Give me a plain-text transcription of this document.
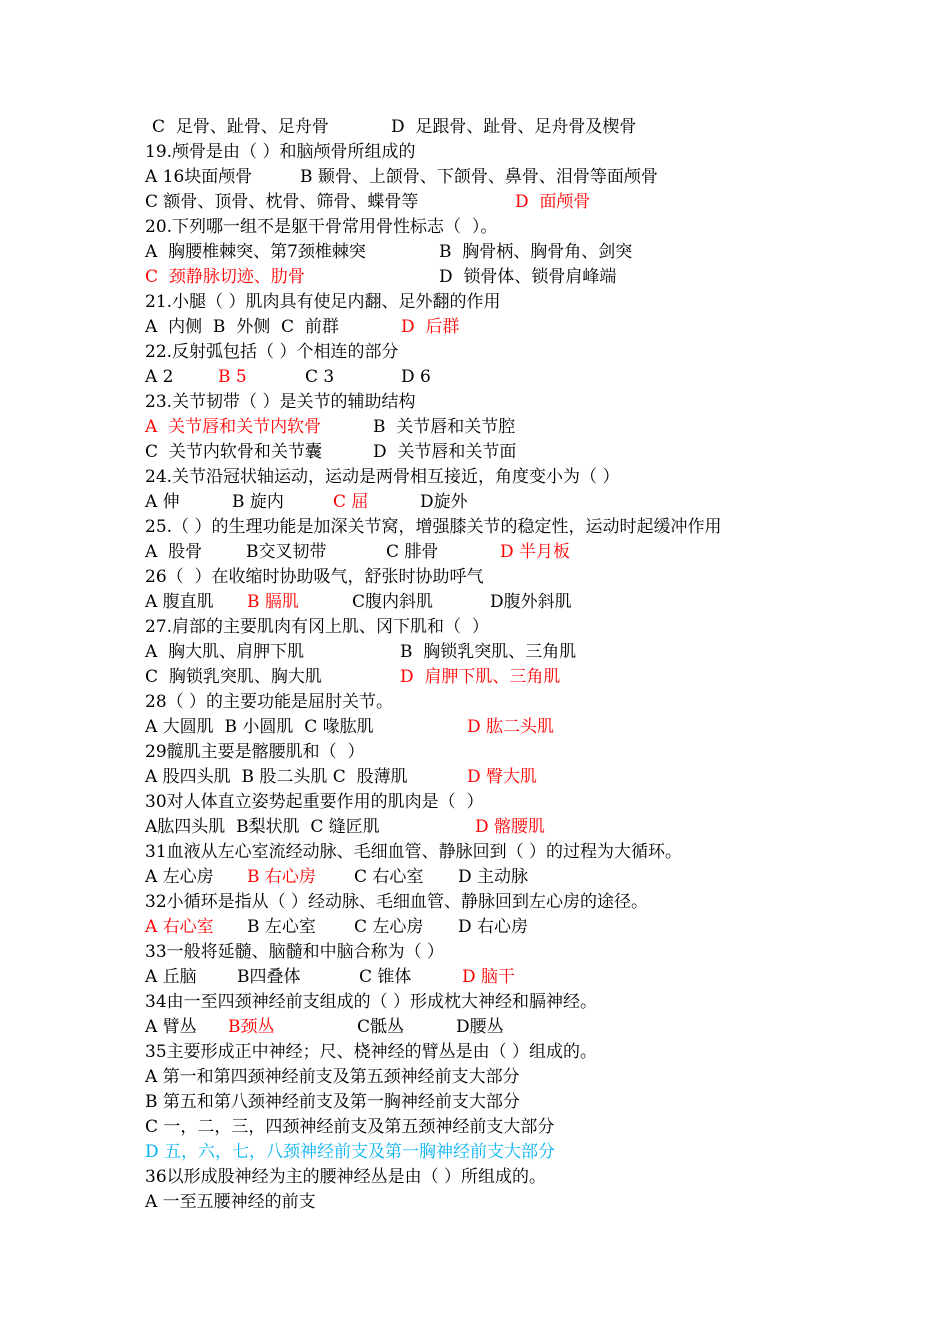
C  足骨、趾骨、足舟骨	D  足跟骨、趾骨、足舟骨及楔骨
19.颅骨是由（ ）和脑颅骨所组成的
A 16块面颅骨	B 颞骨、上颌骨、下颌骨、鼻骨、泪骨等面颅骨
C 额骨、顶骨、枕骨、筛骨、蝶骨等	D  面颅骨
20.下列哪一组不是躯干骨常用骨性标志（  ）。
A  胸腰椎棘突、第7颈椎棘突	B  胸骨柄、胸骨角、剑突
C  颈静脉切迹、肋骨	D  锁骨体、锁骨肩峰端
21.小腿（ ）肌肉具有使足内翻、足外翻的作用
A  内侧  B  外侧  C  前群	D  后群
22.反射弧包括（ ）个相连的部分
A 2	B 5	C 3	D 6
23.关节韧带（ ）是关节的辅助结构
A  关节唇和关节内软骨	B  关节唇和关节腔
C  关节内软骨和关节囊	D  关节唇和关节面
24.关节沿冠状轴运动，运动是两骨相互接近，角度变小为（ ）
A 伸	B 旋内	C 屈	D旋外
25.（ ）的生理功能是加深关节窝，增强膝关节的稳定性，运动时起缓冲作用
A  股骨	B交叉韧带	C 腓骨	D 半月板
26（  ）在收缩时协助吸气，舒张时协助呼气
A 腹直肌 B 膈肌	C腹内斜肌	D腹外斜肌
27.肩部的主要肌肉有冈上肌、冈下肌和（  ）
A  胸大肌、肩胛下肌	B  胸锁乳突肌、三角肌
C  胸锁乳突肌、胸大肌	D  肩胛下肌、三角肌
28（ ）的主要功能是屈肘关节。
A 大圆肌  B 小圆肌  C 喙肱肌	D 肱二头肌
29髋肌主要是髂腰肌和（  ）
A 股四头肌  B 股二头肌 C  股薄肌	D 臀大肌
30对人体直立姿势起重要作用的肌肉是（  ）
A肱四头肌  B梨状肌  C 缝匠肌	D 髂腰肌
31血液从左心室流经动脉、毛细血管、静脉回到（ ）的过程为大循环。
A 左心房 B 右心房 C 右心室 D 主动脉
32小循环是指从（ ）经动脉、毛细血管、静脉回到左心房的途径。
A 右心室 B 左心室 C 左心房 D 右心房
33一般将延髓、脑髓和中脑合称为（ ）
A 丘脑 B四叠体	C 锥体	D 脑干
34由一至四颈神经前支组成的（ ）形成枕大神经和膈神经。
A 臂丛 B颈丛	C骶丛	D腰丛
35主要形成正中神经；尺、桡神经的臂丛是由（ ）组成的。
A 第一和第四颈神经前支及第五颈神经前支大部分
B 第五和第八颈神经前支及第一胸神经前支大部分
C 一，二，三，四颈神经前支及第五颈神经前支大部分
D 五，六，七，八颈神经前支及第一胸神经前支大部分
36以形成股神经为主的腰神经丛是由（ ）所组成的。
A 一至五腰神经的前支
